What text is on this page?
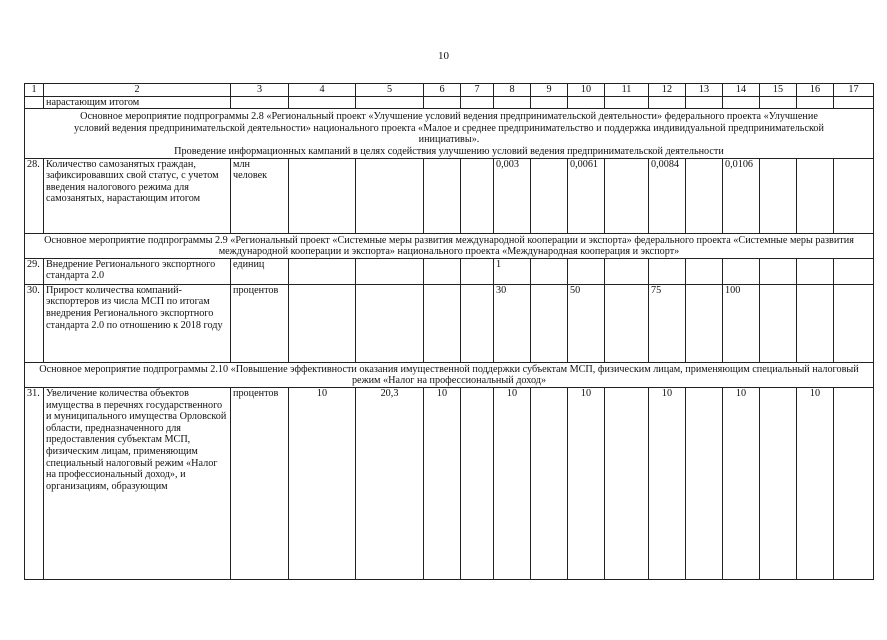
10
1	2	3	4	5	6	7	8	9	10	11	12	13	14	15	16	17
	нарастающим итогом															

Основное мероприятие подпрограммы 2.8 «Региональный проект «Улучшение условий ведения предпринимательской деятельности» федерального проекта «Улучшение условий ведения предпринимательской деятельности» национального проекта «Малое и среднее предпринимательство и поддержка индивидуальной предпринимательской инициативы».
Проведение информационных кампаний в целях содействия улучшению условий ведения предпринимательской деятельности																

28.	Количество самозанятых граждан, зафиксировавших свой статус, с учетом введения налогового режима для самозанятых, нарастающим итогом	млн человек					0,003		0,0061		0,0084		0,0106			

Основное мероприятие подпрограммы 2.9 «Региональный проект «Системные меры развития международной кооперации и экспорта» федерального проекта «Системные меры развития международной кооперации и экспорта» национального проекта «Международная кооперация и экспорт»																

29.	Внедрение Регионального экспортного стандарта 2.0	единиц					1									
30.	Прирост количества компаний-экспортеров из числа МСП по итогам внедрения Регионального экспортного стандарта 2.0 по отношению к 2018 году	процентов					30		50		75		100			

Основное мероприятие подпрограммы 2.10 «Повышение эффективности оказания имущественной поддержки субъектам МСП, физическим лицам, применяющим специальный налоговый режим «Налог на профессиональный доход»																

31.	Увеличение количества объектов имущества в перечнях государственного и муниципального имущества Орловской области, предназначенного для предоставления субъектам МСП, физическим лицам, применяющим специальный налоговый режим «Налог на профессиональный доход», и организациям, образующим	процентов	10	20,3	10		10		10		10		10		10	
